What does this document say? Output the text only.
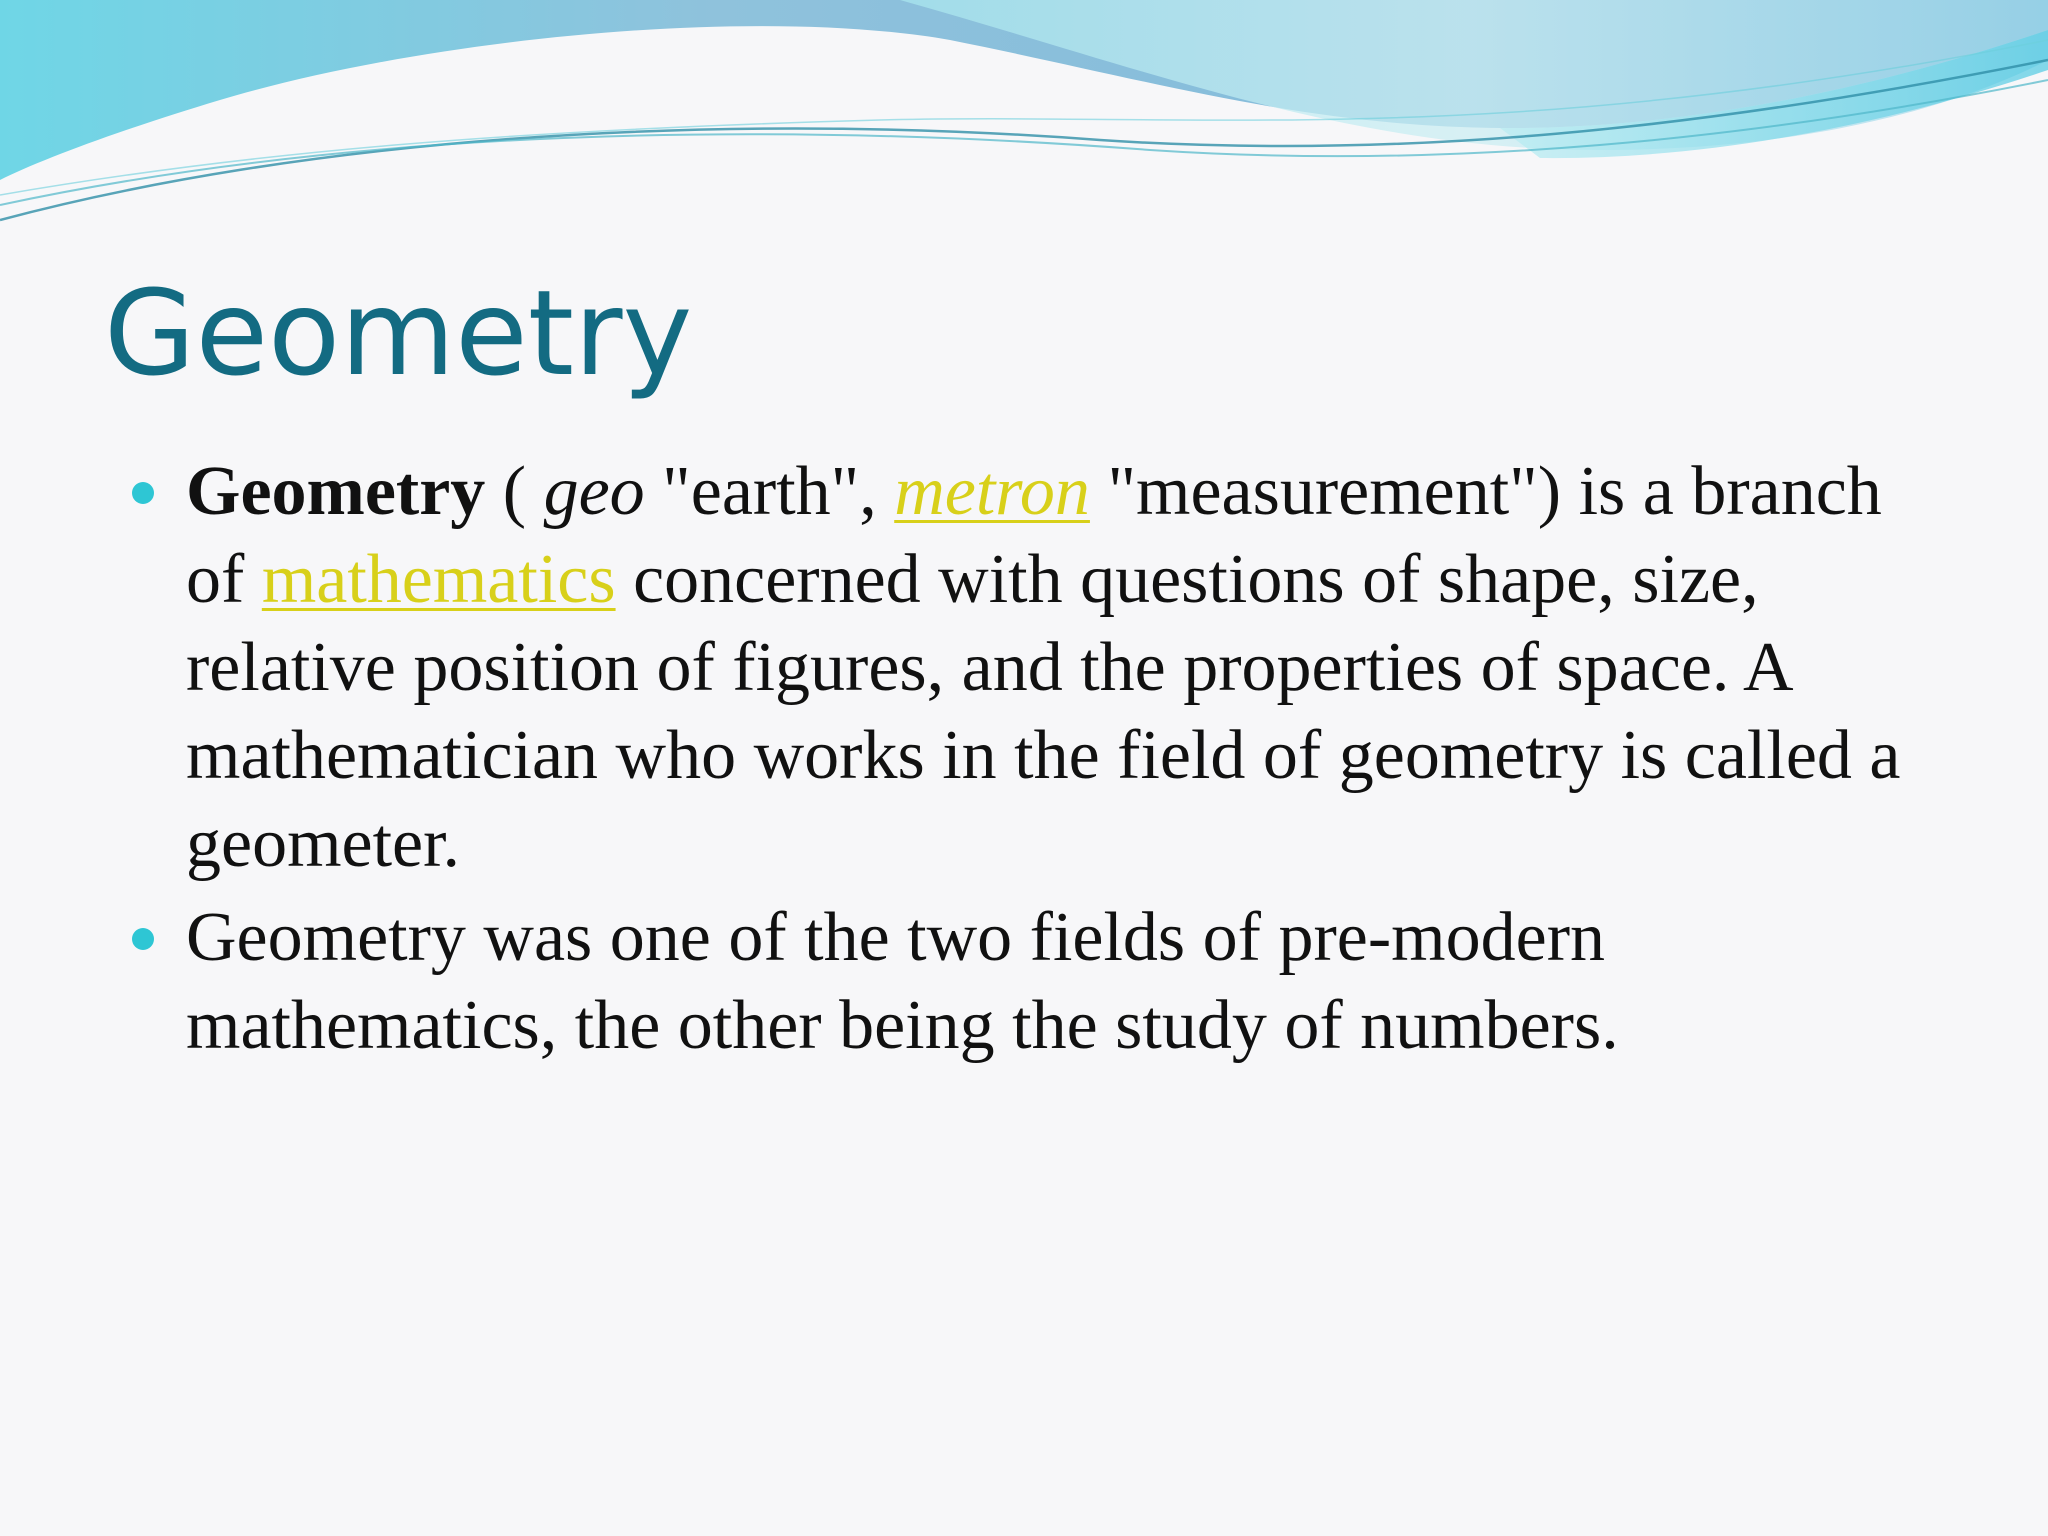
Geometry
Geometry ( geo "earth", metron "measurement") is a branch of mathematics concerned with questions of shape, size, relative position of figures, and the properties of space. A mathematician who works in the field of geometry is called a geometer.
Geometry was one of the two fields of pre-modern mathematics, the other being the study of numbers.
